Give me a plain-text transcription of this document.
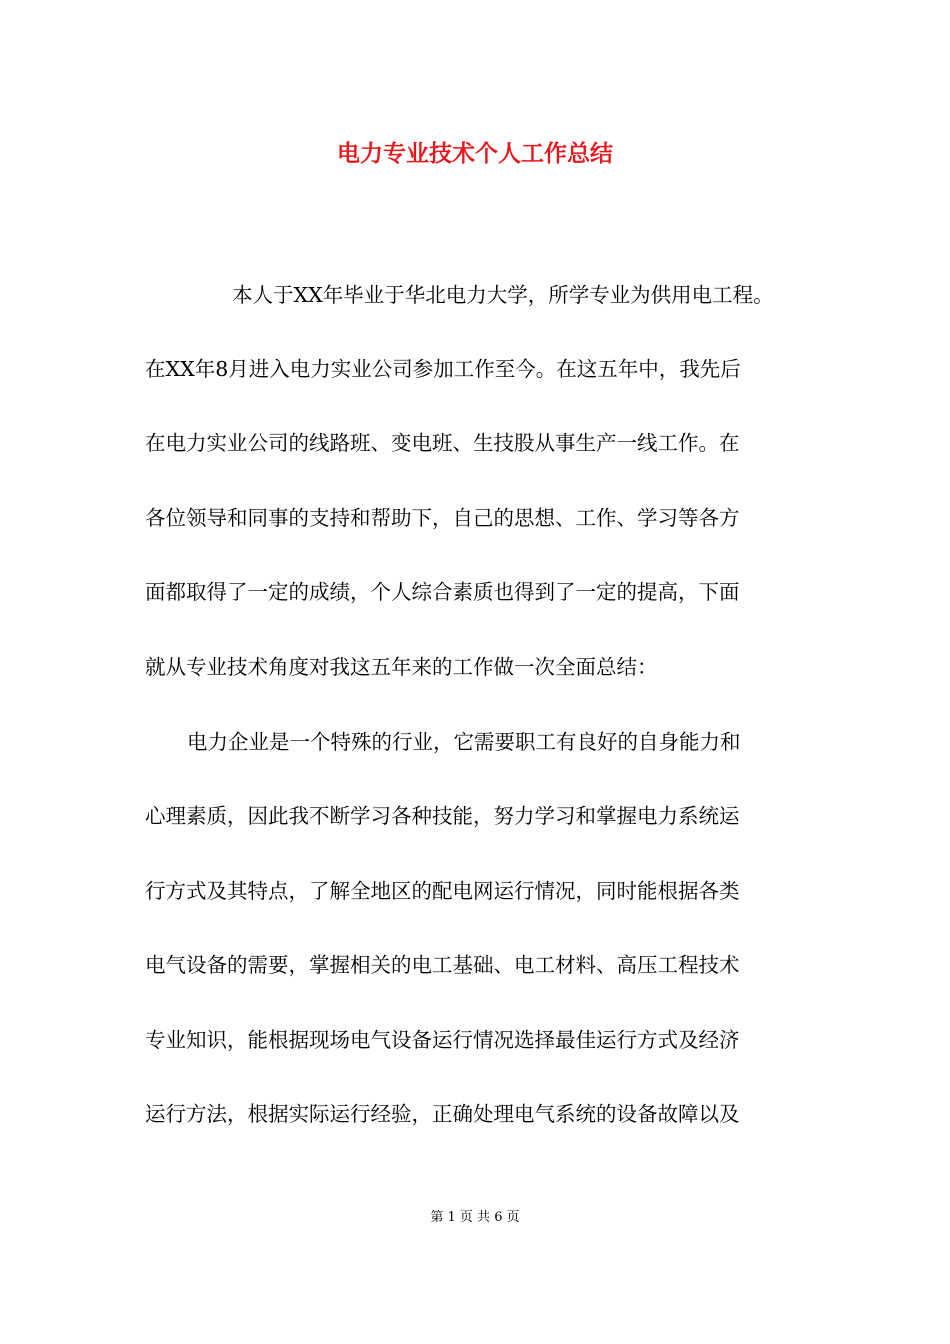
电力专业技术个人工作总结
本人于XX年毕业于华北电力大学，所学专业为供用电工程。
在XX年8月进入电力实业公司参加工作至今。在这五年中，我先后
在电力实业公司的线路班、变电班、生技股从事生产一线工作。在
各位领导和同事的支持和帮助下，自己的思想、工作、学习等各方
面都取得了一定的成绩，个人综合素质也得到了一定的提高，下面
就从专业技术角度对我这五年来的工作做一次全面总结：
电力企业是一个特殊的行业，它需要职工有良好的自身能力和
心理素质，因此我不断学习各种技能，努力学习和掌握电力系统运
行方式及其特点，了解全地区的配电网运行情况，同时能根据各类
电气设备的需要，掌握相关的电工基础、电工材料、高压工程技术
专业知识，能根据现场电气设备运行情况选择最佳运行方式及经济
运行方法，根据实际运行经验，正确处理电气系统的设备故障以及
第 1 页 共 6 页
